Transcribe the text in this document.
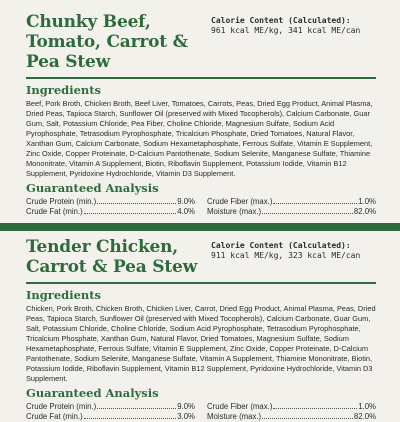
Chunky Beef, Tomato, Carrot & Pea Stew
Calorie Content (Calculated):
961 kcal ME/kg, 341 kcal ME/can
Ingredients

Beef, Pork Broth, Chicken Broth, Beef Liver, Tomatoes, Carrots, Peas, Dried Egg Product, Animal Plasma, Dried Peas, Tapioca Starch, Sunflower Oil (preserved with Mixed Tocopherols), Calcium Carbonate, Guar Gum, Salt, Potassium Chloride, Pea Fiber, Choline Chloride, Magnesium Sulfate, Sodium Acid Pyrophosphate, Tetrasodium Pyrophosphate, Tricalcium Phosphate, Dried Tomatoes, Natural Flavor, Xanthan Gum, Calcium Carbonate, Sodium Hexametaphosphate, Ferrous Sulfate, Vitamin E Supplement, Zinc Oxide, Copper Proteinate, D-Calcium Pantothenate, Sodium Selenite, Manganese Sulfate, Thiamine Mononitrate, Vitamin A Supplement, Biotin, Riboflavin Supplement, Potassium Iodide, Vitamin B12 Supplement, Pyridoxine Hydrochloride, Vitamin D3 Supplement.

Guaranteed Analysis
Crude Protein (min.)	9.0% Crude Fiber (max.)	1.0%
Crude Fat (min.)	4.0% Moisture (max.)	82.0%
Tender Chicken, Carrot & Pea Stew
Calorie Content (Calculated):
911 kcal ME/kg, 323 kcal ME/can
Ingredients

Chicken, Pork Broth, Chicken Broth, Chicken Liver, Carrot, Dried Egg Product, Animal Plasma, Peas, Dried Peas, Tapioca Starch, Sunflower Oil (preserved with Mixed Tocopherols), Calcium Carbonate, Guar Gum, Salt, Potassium Chloride, Choline Chloride, Sodium Acid Pyrophosphate, Tetrasodium Pyrophosphate, Tricalcium Phosphate, Xanthan Gum, Natural Flavor, Dried Tomatoes, Magnesium Sulfate, Sodium Hexametaphosphate, Ferrous Sulfate, Vitamin E Supplement, Zinc Oxide, Copper Proteinate, D-Calcium Pantothenate, Sodium Selenite, Manganese Sulfate, Vitamin A Supplement, Thiamine Mononitrate, Biotin, Potassium Iodide, Riboflavin Supplement, Vitamin B12 Supplement, Pyridoxine Hydrochloride, Vitamin D3 Supplement.

Guaranteed Analysis
Crude Protein (min.)	9.0% Crude Fiber (max.)	1.0%
Crude Fat (min.)	3.0% Moisture (max.)	82.0%
